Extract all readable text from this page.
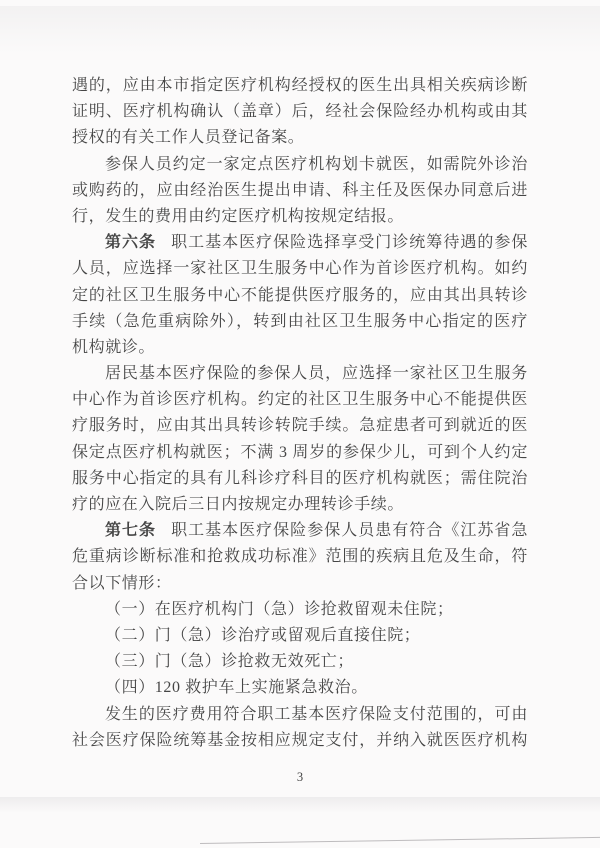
遇的，应由本市指定医疗机构经授权的医生出具相关疾病诊断
证明、医疗机构确认（盖章）后，经社会保险经办机构或由其
授权的有关工作人员登记备案。
参保人员约定一家定点医疗机构划卡就医，如需院外诊治
或购药的，应由经治医生提出申请、科主任及医保办同意后进
行，发生的费用由约定医疗机构按规定结报。
第六条 职工基本医疗保险选择享受门诊统筹待遇的参保
人员，应选择一家社区卫生服务中心作为首诊医疗机构。如约
定的社区卫生服务中心不能提供医疗服务的，应由其出具转诊
手续（急危重病除外），转到由社区卫生服务中心指定的医疗
机构就诊。
居民基本医疗保险的参保人员，应选择一家社区卫生服务
中心作为首诊医疗机构。约定的社区卫生服务中心不能提供医
疗服务时，应由其出具转诊转院手续。急症患者可到就近的医
保定点医疗机构就医；不满 3 周岁的参保少儿，可到个人约定
服务中心指定的具有儿科诊疗科目的医疗机构就医；需住院治
疗的应在入院后三日内按规定办理转诊手续。
第七条 职工基本医疗保险参保人员患有符合《江苏省急
危重病诊断标准和抢救成功标准》范围的疾病且危及生命，符
合以下情形：
（一）在医疗机构门（急）诊抢救留观未住院；
（二）门（急）诊治疗或留观后直接住院；
（三）门（急）诊抢救无效死亡；
（四）120 救护车上实施紧急救治。
发生的医疗费用符合职工基本医疗保险支付范围的，可由
社会医疗保险统筹基金按相应规定支付，并纳入就医医疗机构
3
